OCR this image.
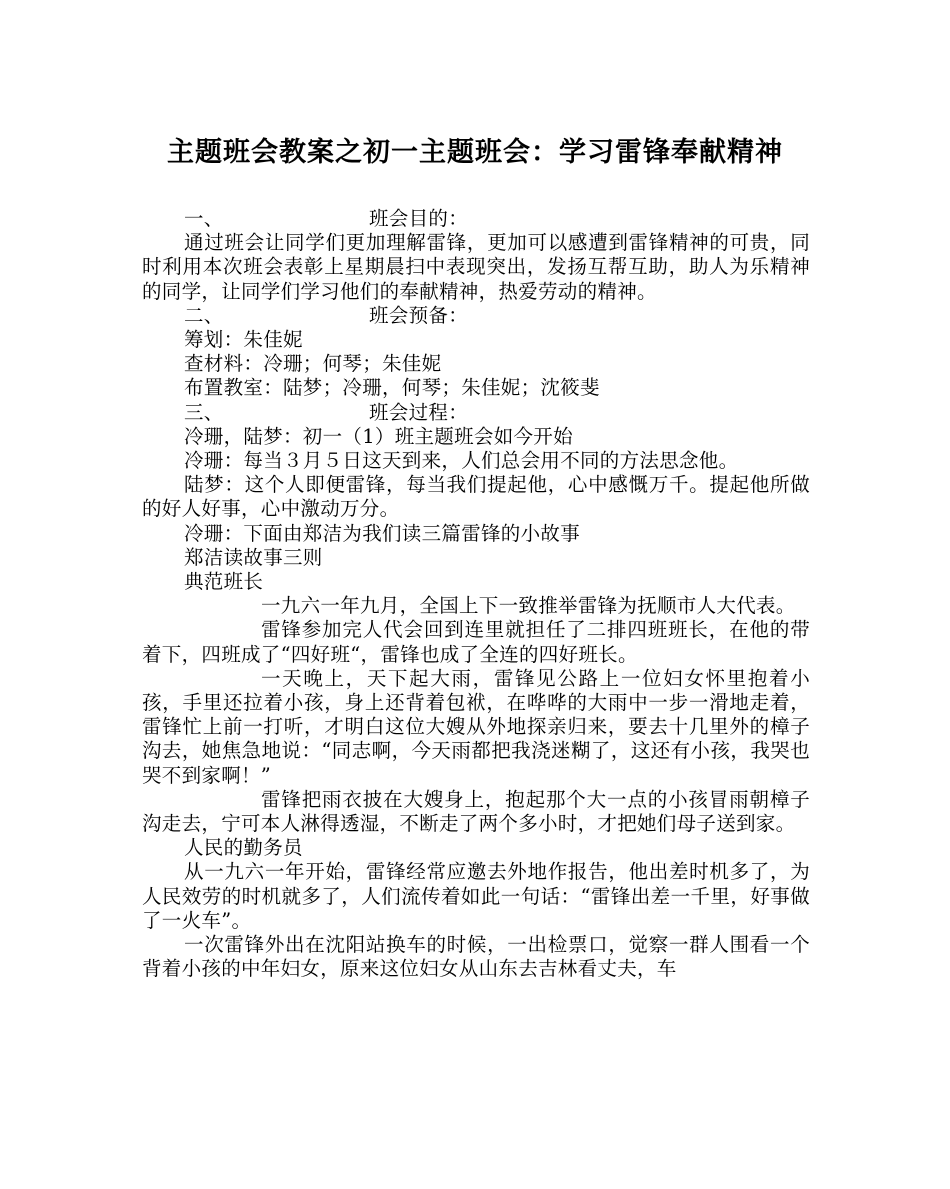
主题班会教案之初一主题班会：学习雷锋奉献精神

一、	班会目的：

通过班会让同学们更加理解雷锋，更加可以感遭到雷锋精神的可贵，同时利用本次班会表彰上星期晨扫中表现突出，发扬互帮互助，助人为乐精神的同学，让同学们学习他们的奉献精神，热爱劳动的精神。

二、	班会预备：

筹划：朱佳妮

查材料：冷珊；何琴；朱佳妮

布置教室：陆梦；冷珊，何琴；朱佳妮；沈筱斐

三、	班会过程：

冷珊，陆梦：初一（1）班主题班会如今开始

冷珊：每当３月５日这天到来，人们总会用不同的方法思念他。

陆梦：这个人即便雷锋，每当我们提起他，心中感慨万千。提起他所做的好人好事，心中激动万分。

冷珊：下面由郑洁为我们读三篇雷锋的小故事

郑洁读故事三则

典范班长

一九六一年九月，全国上下一致推举雷锋为抚顺市人大代表。

雷锋参加完人代会回到连里就担任了二排四班班长，在他的带着下，四班成了“四好班“，雷锋也成了全连的四好班长。

一天晚上，天下起大雨，雷锋见公路上一位妇女怀里抱着小孩，手里还拉着小孩，身上还背着包袱，在哗哗的大雨中一步一滑地走着，雷锋忙上前一打听，才明白这位大嫂从外地探亲归来，要去十几里外的樟子沟去，她焦急地说：“同志啊，今天雨都把我浇迷糊了，这还有小孩，我哭也哭不到家啊！”

雷锋把雨衣披在大嫂身上，抱起那个大一点的小孩冒雨朝樟子沟走去，宁可本人淋得透湿，不断走了两个多小时，才把她们母子送到家。

人民的勤务员

从一九六一年开始，雷锋经常应邀去外地作报告，他出差时机多了，为人民效劳的时机就多了，人们流传着如此一句话：“雷锋出差一千里，好事做了一火车”。

一次雷锋外出在沈阳站换车的时候，一出检票口，觉察一群人围看一个背着小孩的中年妇女，原来这位妇女从山东去吉林看丈夫，车
